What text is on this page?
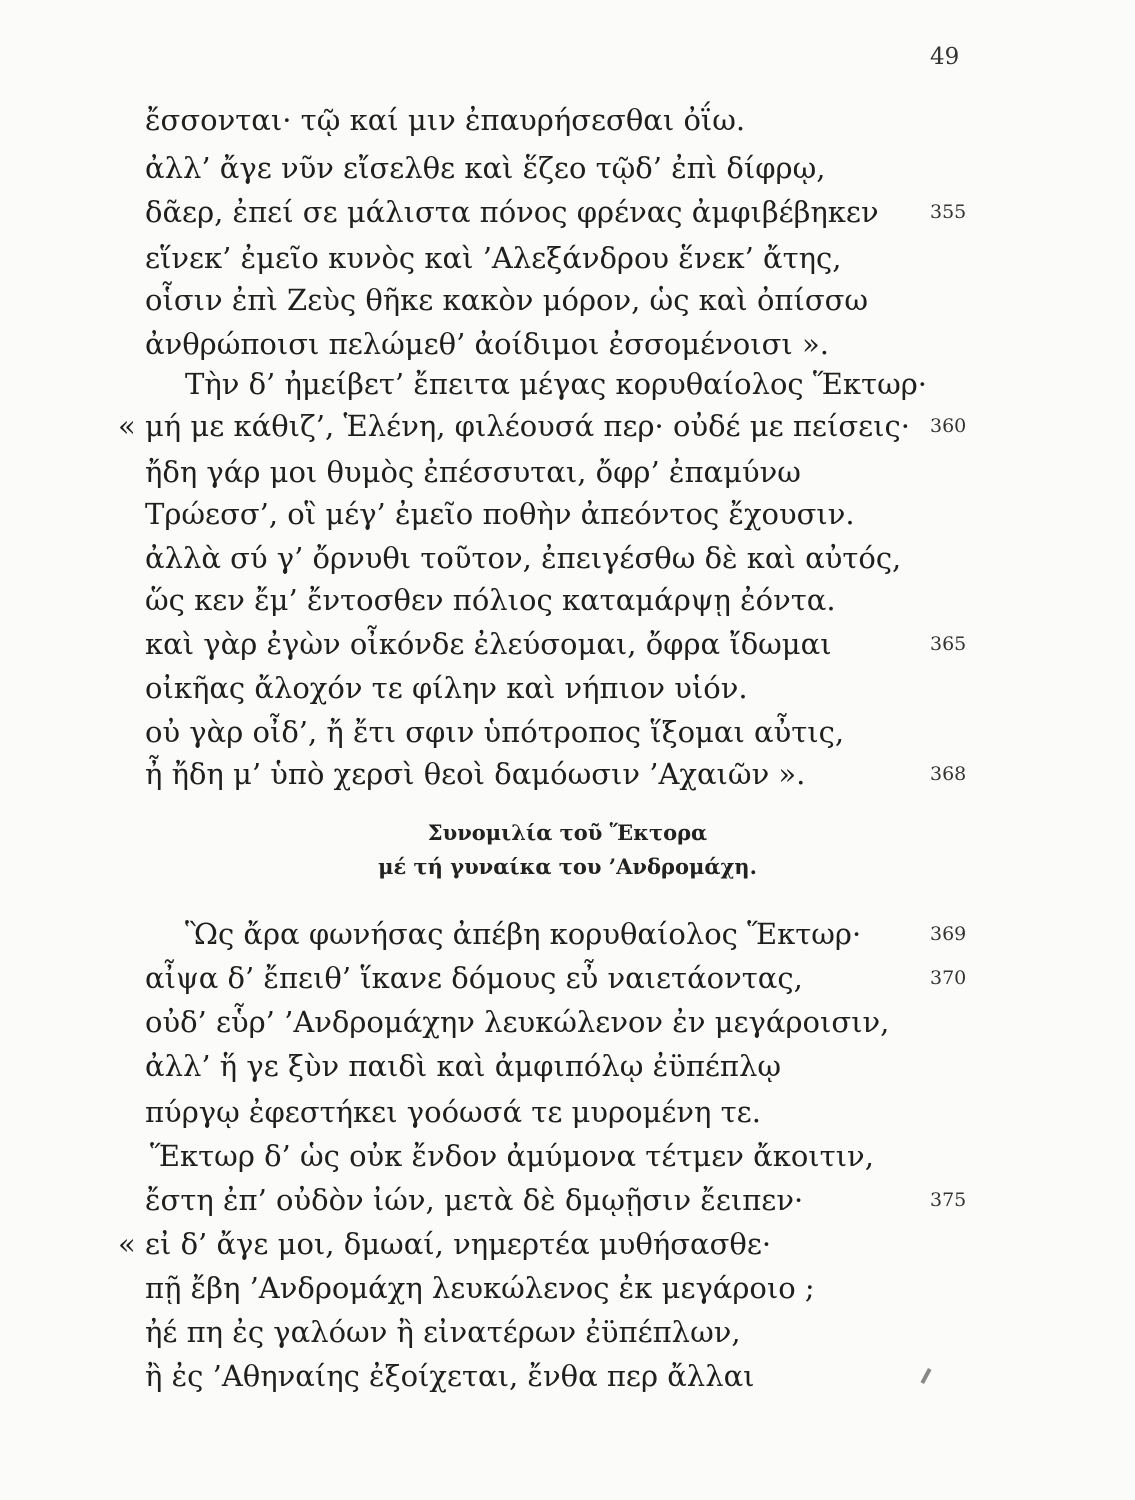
49
ἔσσονται· τῷ καί μιν ἐπαυρήσεσθαι ὀΐω.
ἀλλ’ ἄγε νῦν εἴσελθε καὶ ἕζεο τῷδ’ ἐπὶ δίφρῳ,
δᾶερ, ἐπεί σε μάλιστα πόνος φρένας ἀμφιβέβηκεν	355
εἵνεκ’ ἐμεῖο κυνὸς καὶ ’Αλεξάνδρου ἕνεκ’ ἄτης,
οἷσιν ἐπὶ Ζεὺς θῆκε κακὸν μόρον, ὡς καὶ ὀπίσσω
ἀνθρώποισι πελώμεθ’ ἀοίδιμοι ἐσσομένοισι ».
Τὴν δ’ ἠμείβετ’ ἔπειτα μέγας κορυθαίολος Ἕκτωρ·
« μή με κάθιζ’, Ἑλένη, φιλέουσά περ· οὐδέ με πείσεις· 360
ἤδη γάρ μοι θυμὸς ἐπέσσυται, ὄφρ’ ἐπαμύνω
Τρώεσσ’, οἳ μέγ’ ἐμεῖο ποθὴν ἀπεόντος ἔχουσιν.
ἀλλὰ σύ γ’ ὄρνυθι τοῦτον, ἐπειγέσθω δὲ καὶ αὐτός,
ὥς κεν ἔμ’ ἔντοσθεν πόλιος καταμάρψῃ ἐόντα.
καὶ γὰρ ἐγὼν οἶκόνδε ἐλεύσομαι, ὄφρα ἴδωμαι	365
οἰκῆας ἄλοχόν τε φίλην καὶ νήπιον υἱόν.
οὐ γὰρ οἶδ’, ἤ ἔτι σφιν ὑπότροπος ἵξομαι αὖτις,
ἦ ἤδη μ’ ὑπὸ χερσὶ θεοὶ δαμόωσιν ’Αχαιῶν ».	368
Συνομιλία τοῦ Ἕκτορα
μέ τή γυναίκα του ’Ανδρομάχη.
Ὣς ἄρα φωνήσας ἀπέβη κορυθαίολος Ἕκτωρ·	369
αἶψα δ’ ἔπειθ’ ἵκανε δόμους εὖ ναιετάοντας,	370
οὐδ’ εὗρ’ ’Ανδρομάχην λευκώλενον ἐν μεγάροισιν,
ἀλλ’ ἥ γε ξὺν παιδὶ καὶ ἀμφιπόλῳ ἐϋπέπλῳ
πύργῳ ἐφεστήκει γοόωσά τε μυρομένη τε.
Ἕκτωρ δ’ ὡς οὐκ ἔνδον ἀμύμονα τέτμεν ἄκοιτιν,
ἔστη ἐπ’ οὐδὸν ἰών, μετὰ δὲ δμῳῇσιν ἔειπεν·	375
« εἰ δ’ ἄγε μοι, δμωαί, νημερτέα μυθήσασθε·
πῇ ἔβη ’Ανδρομάχη λευκώλενος ἐκ μεγάροιο ;
ἠέ πη ἐς γαλόων ἢ εἰνατέρων ἐϋπέπλων,
ἢ ἐς ’Αθηναίης ἐξοίχεται, ἔνθα περ ἄλλαι
